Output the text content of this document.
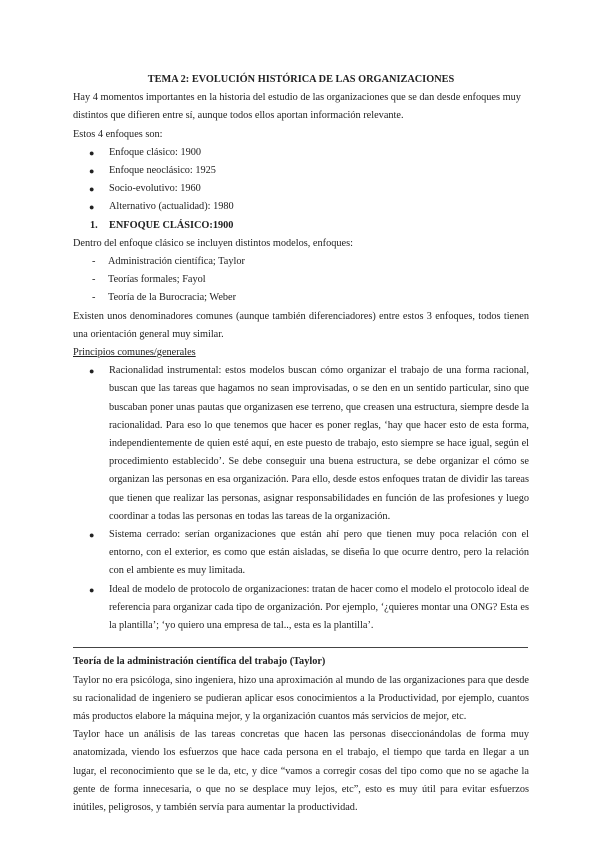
TEMA 2: EVOLUCIÓN HISTÓRICA DE LAS ORGANIZACIONES

Hay 4 momentos importantes en la historia del estudio de las organizaciones que se dan desde enfoques muy distintos que difieren entre sí, aunque todos ellos aportan información relevante.

Estos 4 enfoques son:

● Enfoque clásico: 1900
● Enfoque neoclásico: 1925
● Socio-evolutivo: 1960
● Alternativo (actualidad): 1980

1. ENFOQUE CLÁSICO:1900

Dentro del enfoque clásico se incluyen distintos modelos, enfoques:

- Administración científica; Taylor
- Teorías formales; Fayol
- Teoría de la Burocracia; Weber

Existen unos denominadores comunes (aunque también diferenciadores) entre estos 3 enfoques, todos tienen una orientación general muy similar.

Principios comunes/generales

● Racionalidad instrumental: estos modelos buscan cómo organizar el trabajo de una forma racional, buscan que las tareas que hagamos no sean improvisadas, o se den en un sentido particular, sino que buscaban poner unas pautas que organizasen ese terreno, que creasen una estructura, siempre desde la racionalidad. Para eso lo que tenemos que hacer es poner reglas, ‘hay que hacer esto de esta forma, independientemente de quien esté aquí, en este puesto de trabajo, esto siempre se hace igual, según el procedimiento establecido’. Se debe conseguir una buena estructura, se debe organizar el cómo se organizan las personas en esa organización. Para ello, desde estos enfoques tratan de dividir las tareas que tienen que realizar las personas, asignar responsabilidades en función de las profesiones y luego coordinar a todas las personas en todas las tareas de la organización.
● Sistema cerrado: serían organizaciones que están ahí pero que tienen muy poca relación con el entorno, con el exterior, es como que están aisladas, se diseña lo que ocurre dentro, pero la relación con el ambiente es muy limitada.
● Ideal de modelo de protocolo de organizaciones: tratan de hacer como el modelo el protocolo ideal de referencia para organizar cada tipo de organización. Por ejemplo, ‘¿quieres montar una ONG? Esta es la plantilla’; ‘yo quiero una empresa de tal.., esta es la plantilla’.

Teoría de la administración científica del trabajo (Taylor)

Taylor no era psicóloga, sino ingeniera, hizo una aproximación al mundo de las organizaciones para que desde su racionalidad de ingeniero se pudieran aplicar esos conocimientos a la Productividad, por ejemplo, cuantos más productos elabore la máquina mejor, y la organización cuantos más servicios de mejor, etc.

Taylor hace un análisis de las tareas concretas que hacen las personas diseccionándolas de forma muy anatomizada, viendo los esfuerzos que hace cada persona en el trabajo, el tiempo que tarda en llegar a un lugar, el reconocimiento que se le da, etc, y dice “vamos a corregir cosas del tipo como que no se agache la gente de forma innecesaria, o que no se desplace muy lejos, etc”, esto es muy útil para evitar esfuerzos inútiles, peligrosos, y también servía para aumentar la productividad.
